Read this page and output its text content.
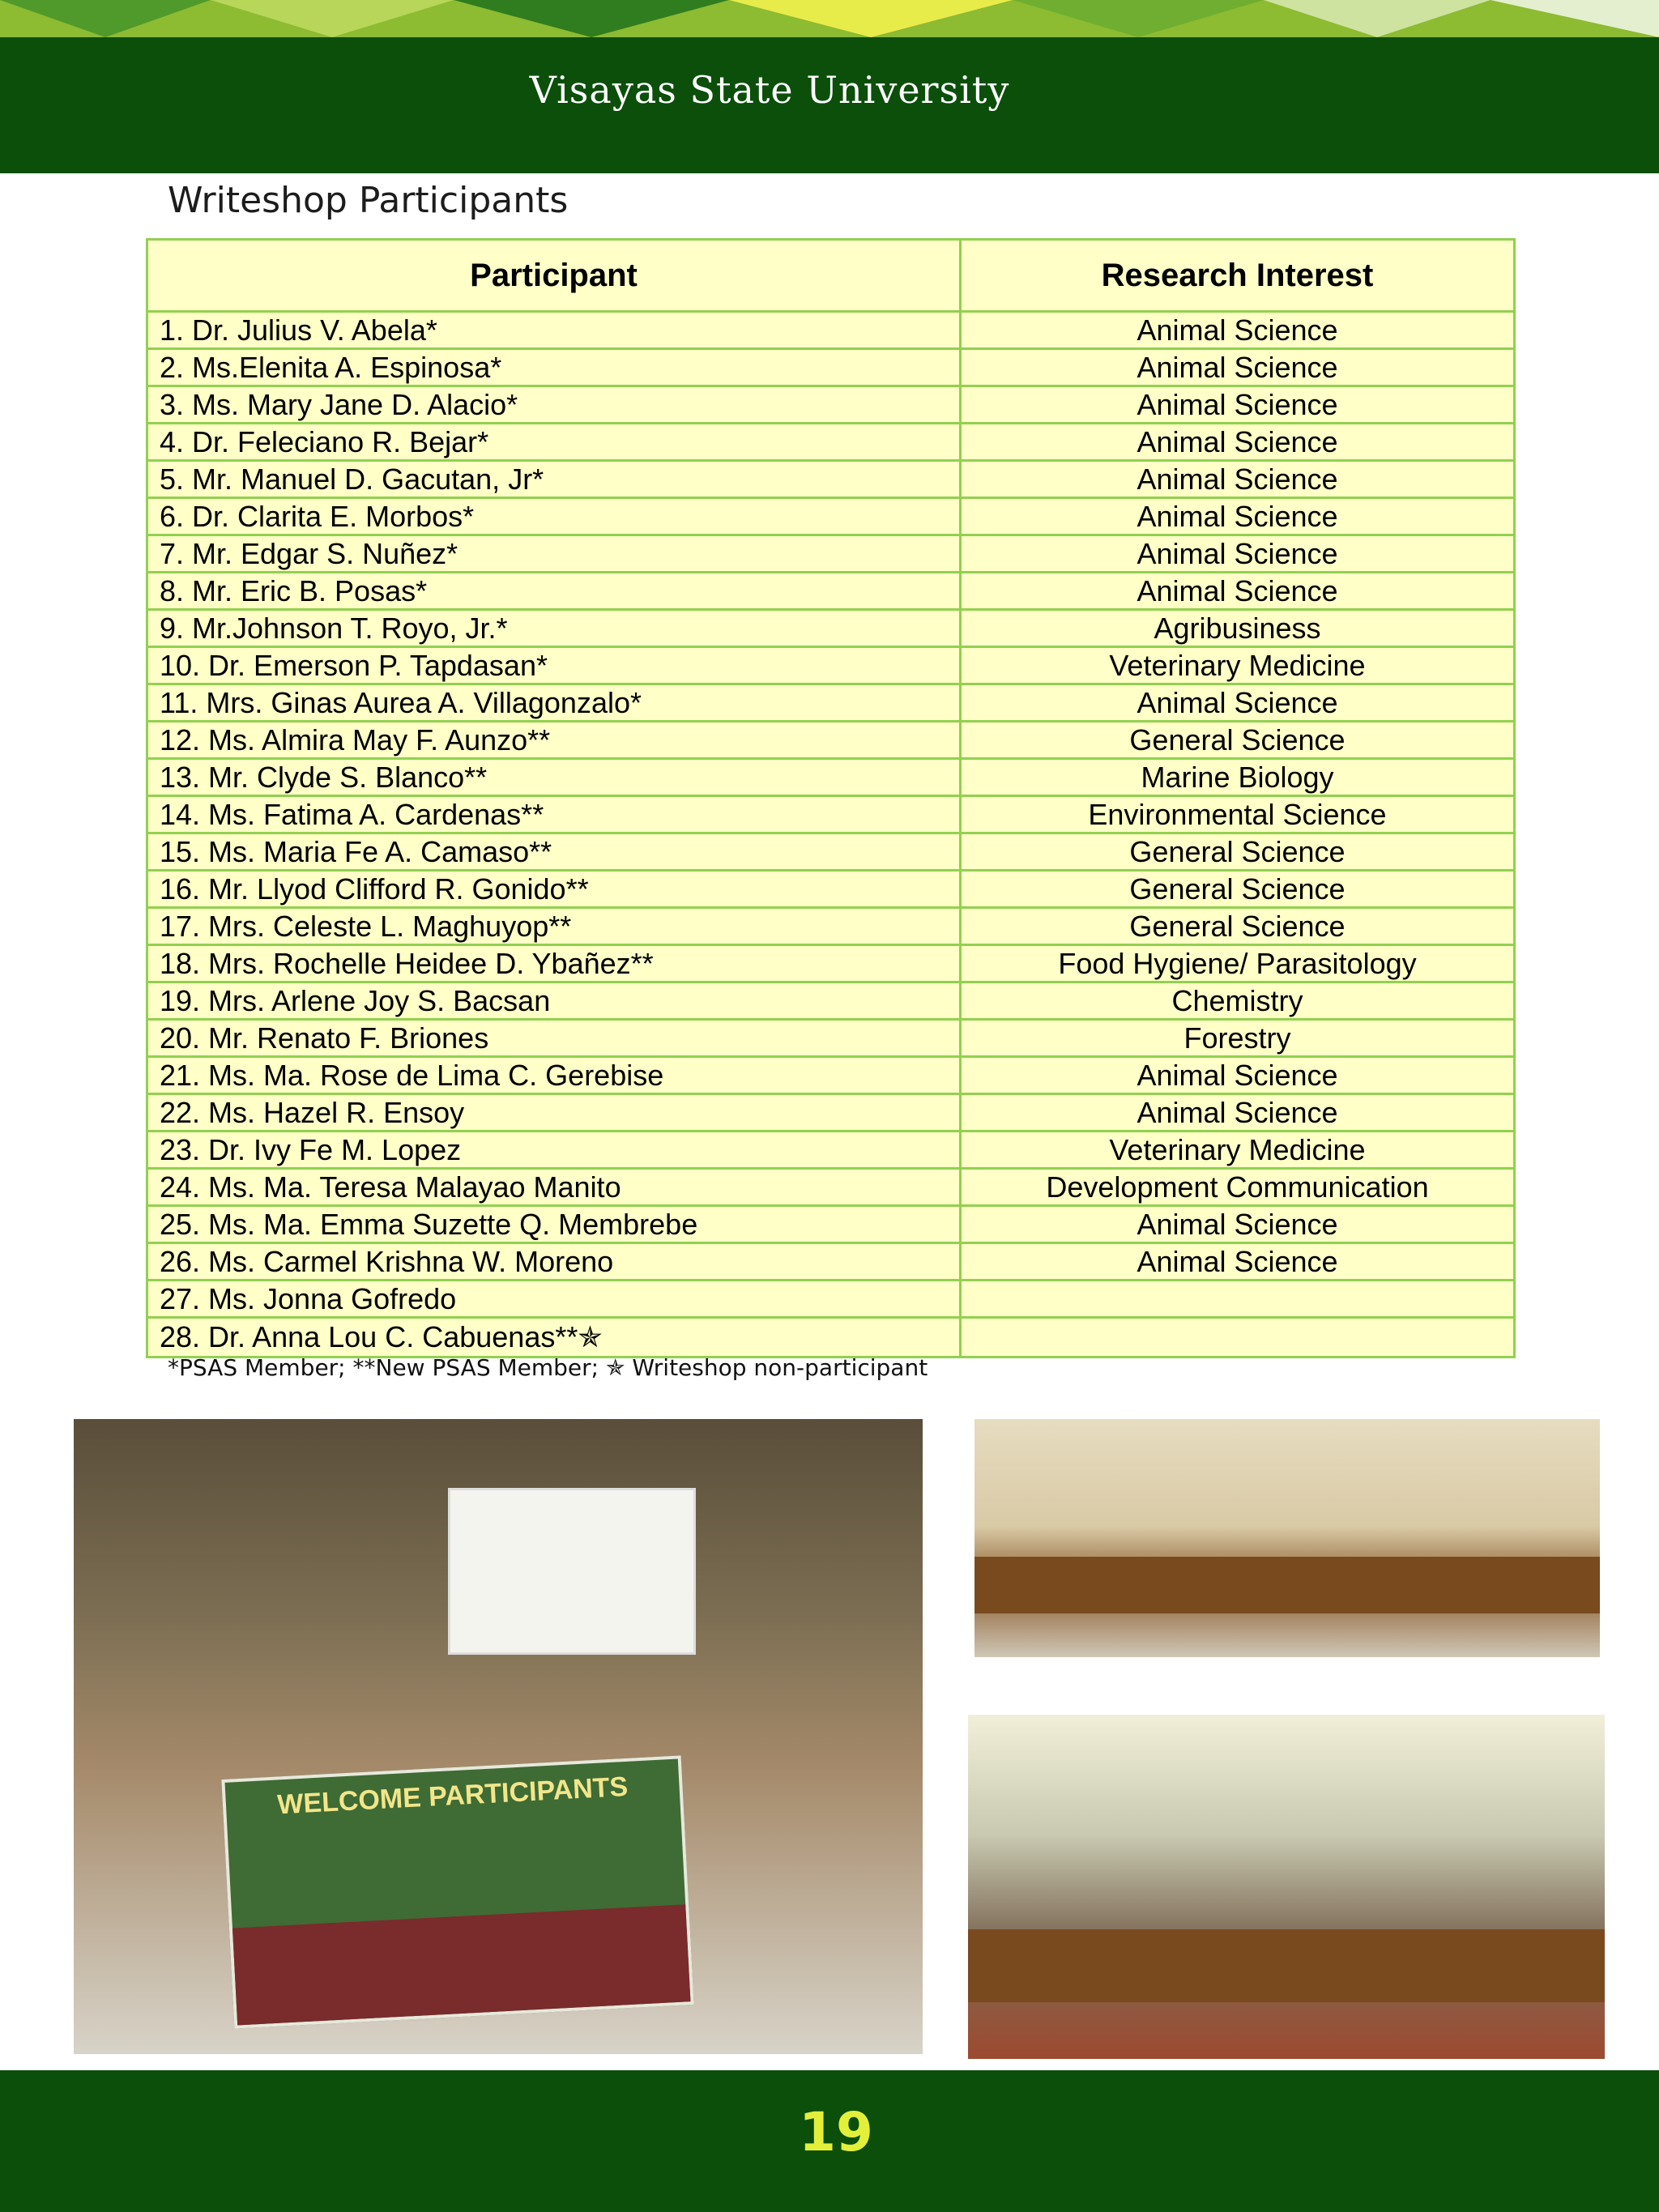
Visayas State University
Writeshop Participants
Participant	Research Interest
1. Dr. Julius V. Abela*	Animal Science
2. Ms.Elenita A. Espinosa*	Animal Science
3. Ms. Mary Jane D. Alacio*	Animal Science
4. Dr. Feleciano R. Bejar*	Animal Science
5. Mr. Manuel D. Gacutan, Jr*	Animal Science
6. Dr. Clarita E. Morbos*	Animal Science
7. Mr. Edgar S. Nuñez*	Animal Science
8. Mr. Eric B. Posas*	Animal Science
9. Mr.Johnson T. Royo, Jr.*	Agribusiness
10. Dr. Emerson P. Tapdasan*	Veterinary Medicine
11. Mrs. Ginas Aurea A. Villagonzalo*	Animal Science
12. Ms. Almira May F. Aunzo**	General Science
13. Mr. Clyde S. Blanco**	Marine Biology
14. Ms. Fatima A. Cardenas**	Environmental Science
15. Ms. Maria Fe A. Camaso**	General Science
16. Mr. Llyod Clifford R. Gonido**	General Science
17. Mrs. Celeste L. Maghuyop**	General Science
18. Mrs. Rochelle Heidee D. Ybañez**	Food Hygiene/ Parasitology
19. Mrs. Arlene Joy S. Bacsan	Chemistry
20. Mr. Renato F. Briones	Forestry
21. Ms. Ma. Rose de Lima C. Gerebise	Animal Science
22. Ms. Hazel R. Ensoy	Animal Science
23. Dr. Ivy Fe M. Lopez	Veterinary Medicine
24. Ms. Ma. Teresa Malayao Manito	Development Communication
25. Ms. Ma. Emma Suzette Q. Membrebe	Animal Science
26. Ms. Carmel Krishna W. Moreno	Animal Science
27. Ms. Jonna Gofredo	
28. Dr. Anna Lou C. Cabuenas**✯	
*PSAS Member; **New PSAS Member; ✯ Writeshop non-participant
WELCOME PARTICIPANTS
19
